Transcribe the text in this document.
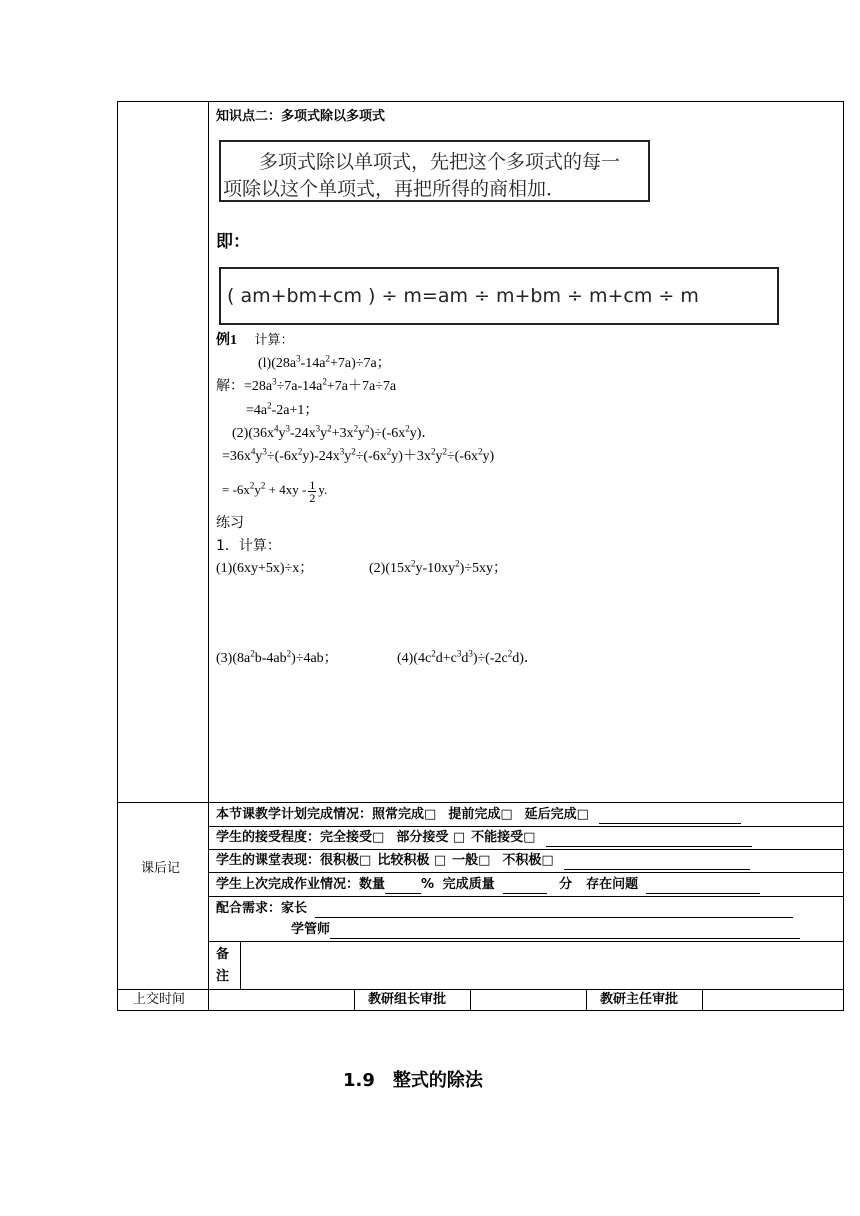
知识点二：多项式除以多项式
多项式除以单项式，先把这个多项式的每一
项除以这个单项式，再把所得的商相加．
即：
( am+bm+cm ) ÷ m=am ÷ m+bm ÷ m+cm ÷ m
例1 计算：
$(l)(28a^3-14a^2+7a)\div 7a$；
解：$=28a^3\div 7a-14a^2+7a+7a\div 7a$
$=4a^2-2a+1$；
$(2)(36x^4y^3-24x^3y^2+3x^2y^2)\div(-6x^2y)$．
$=36x^4y^3\div(-6x^2y)-24x^3y^2\div(-6x^2y)+3x^2y^2\div(-6x^2y)$
= $-6x^2y^2 + 4xy - \frac{1}{2} y$.
练习
1．计算：
(1)(6xy+5x)÷x；	$(2)(15x^2y-10xy^2)\div 5xy$；
$(3)(8a^2b-4ab^2)\div 4ab$；	$(4)(4c^2d+c^3d^3)\div(-2c^2d)$．
课后记
本节课教学计划完成情况：照常完成□ 提前完成□ 延后完成□
学生的接受程度：完全接受□ 部分接受 □ 不能接受□
学生的课堂表现：很积极□ 比较积极 □ 一般□ 不积极□
学生上次完成作业情况：数量	% 完成质量	分 存在问题
配合需求：家长
学管师
备
注
上交时间	教研组长审批	教研主任审批
1.9　整式的除法
